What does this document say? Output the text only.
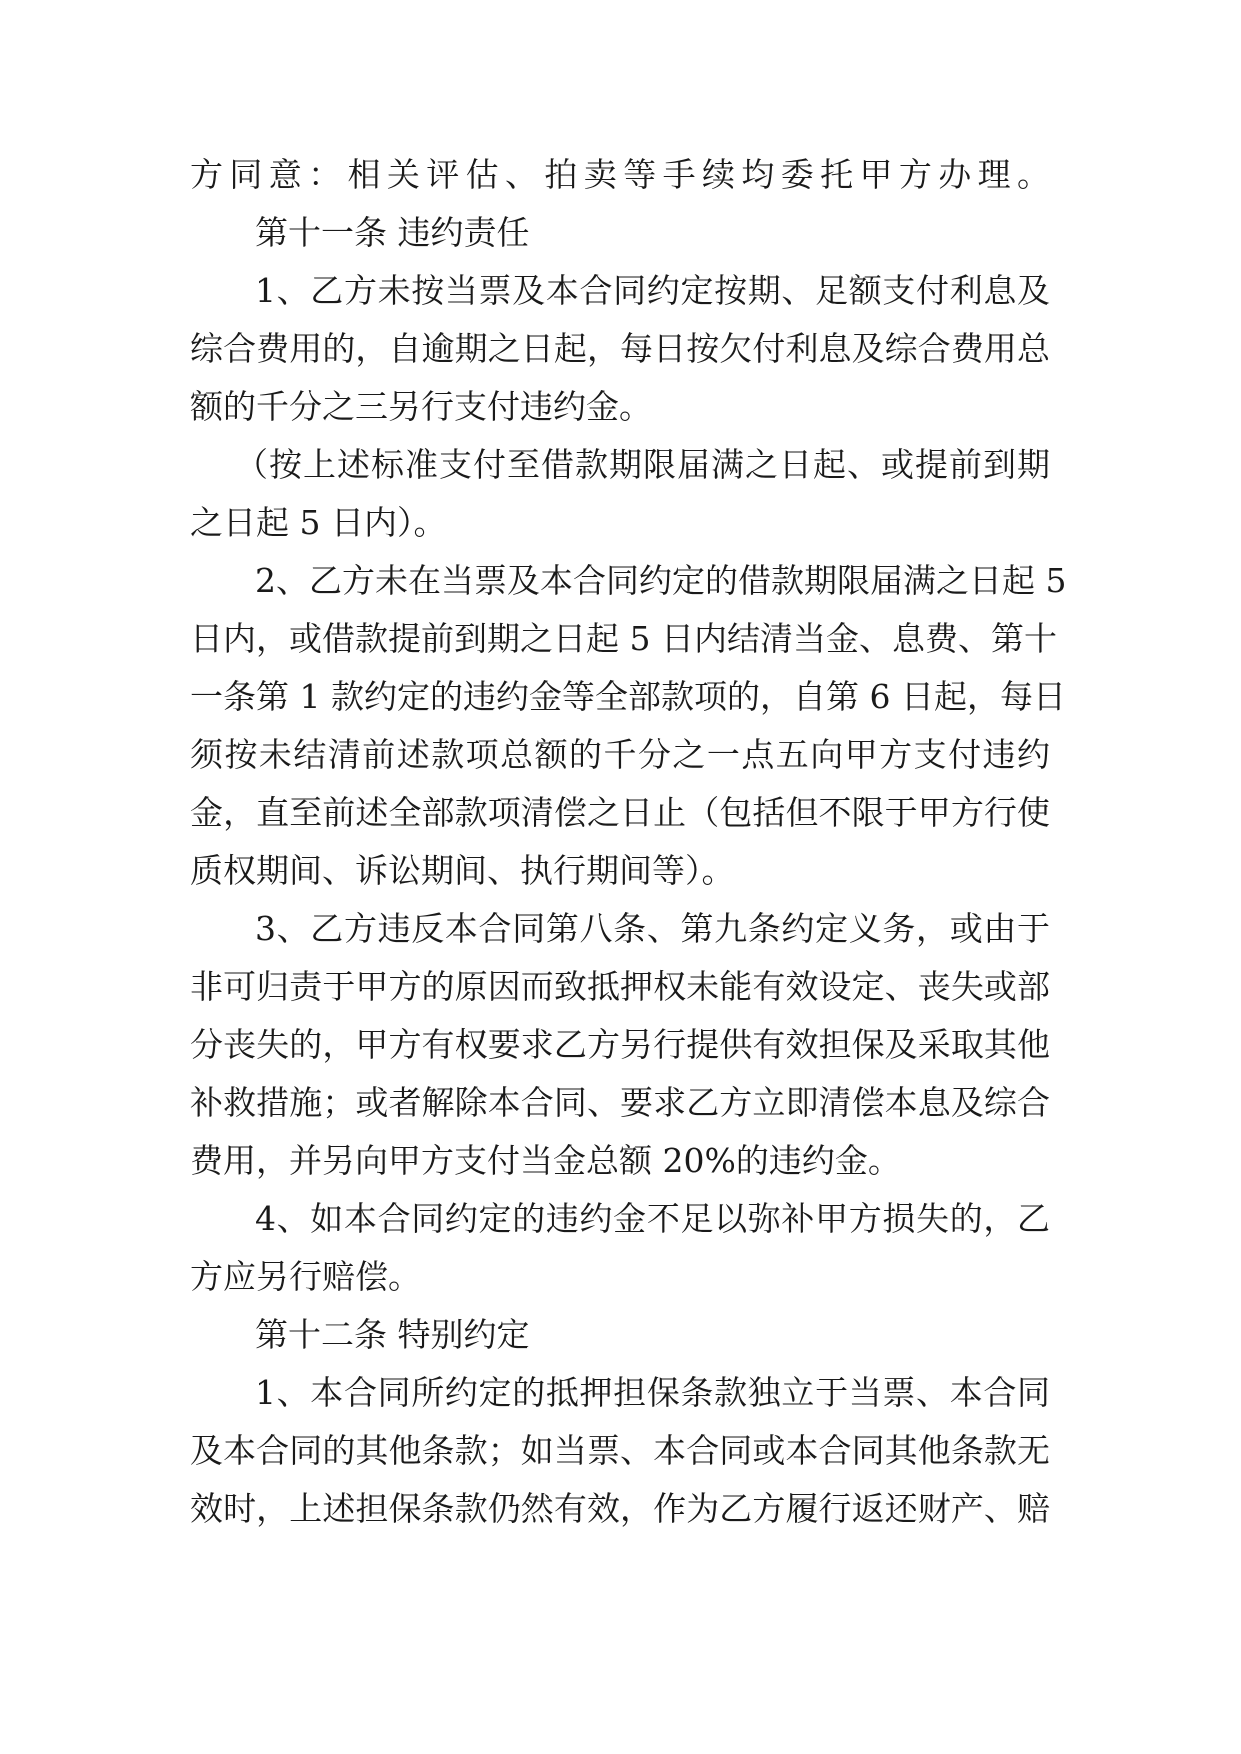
方同意：相关评估、拍卖等手续均委托甲方办理。
第十一条 违约责任
1、乙方未按当票及本合同约定按期、足额支付利息及
综合费用的，自逾期之日起，每日按欠付利息及综合费用总
额的千分之三另行支付违约金。
（按上述标准支付至借款期限届满之日起、或提前到期
之日起 5 日内）。
2、乙方未在当票及本合同约定的借款期限届满之日起 5
日内，或借款提前到期之日起 5 日内结清当金、息费、第十
一条第 1 款约定的违约金等全部款项的，自第 6 日起，每日
须按未结清前述款项总额的千分之一点五向甲方支付违约
金，直至前述全部款项清偿之日止（包括但不限于甲方行使
质权期间、诉讼期间、执行期间等）。
3、乙方违反本合同第八条、第九条约定义务，或由于
非可归责于甲方的原因而致抵押权未能有效设定、丧失或部
分丧失的，甲方有权要求乙方另行提供有效担保及采取其他
补救措施；或者解除本合同、要求乙方立即清偿本息及综合
费用，并另向甲方支付当金总额 20%的违约金。
4、如本合同约定的违约金不足以弥补甲方损失的，乙
方应另行赔偿。
第十二条 特别约定
1、本合同所约定的抵押担保条款独立于当票、本合同
及本合同的其他条款；如当票、本合同或本合同其他条款无
效时，上述担保条款仍然有效，作为乙方履行返还财产、赔
